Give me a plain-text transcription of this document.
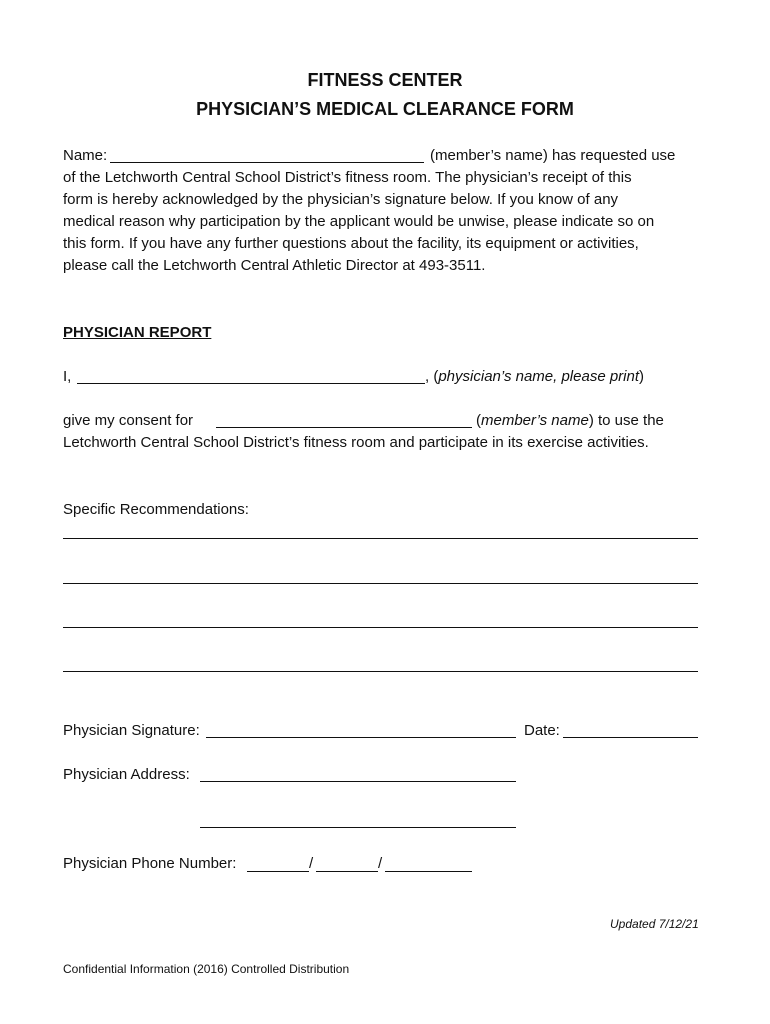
FITNESS CENTER
PHYSICIAN’S MEDICAL CLEARANCE FORM
Name:	(member’s name) has requested use
of the Letchworth Central School District’s fitness room. The physician’s receipt of this
form is hereby acknowledged by the physician’s signature below. If you know of any
medical reason why participation by the applicant would be unwise, please indicate so on
this form. If you have any further questions about the facility, its equipment or activities,
please call the Letchworth Central Athletic Director at 493-3511.
PHYSICIAN REPORT
I,	, (physician’s name, please print)
give my consent for	(member’s name) to use the
Letchworth Central School District’s fitness room and participate in its exercise activities.
Specific Recommendations:
Physician Signature:	Date:
Physician Address:
Physician Phone Number:	/	/
Updated 7/12/21
Confidential Information (2016) Controlled Distribution
